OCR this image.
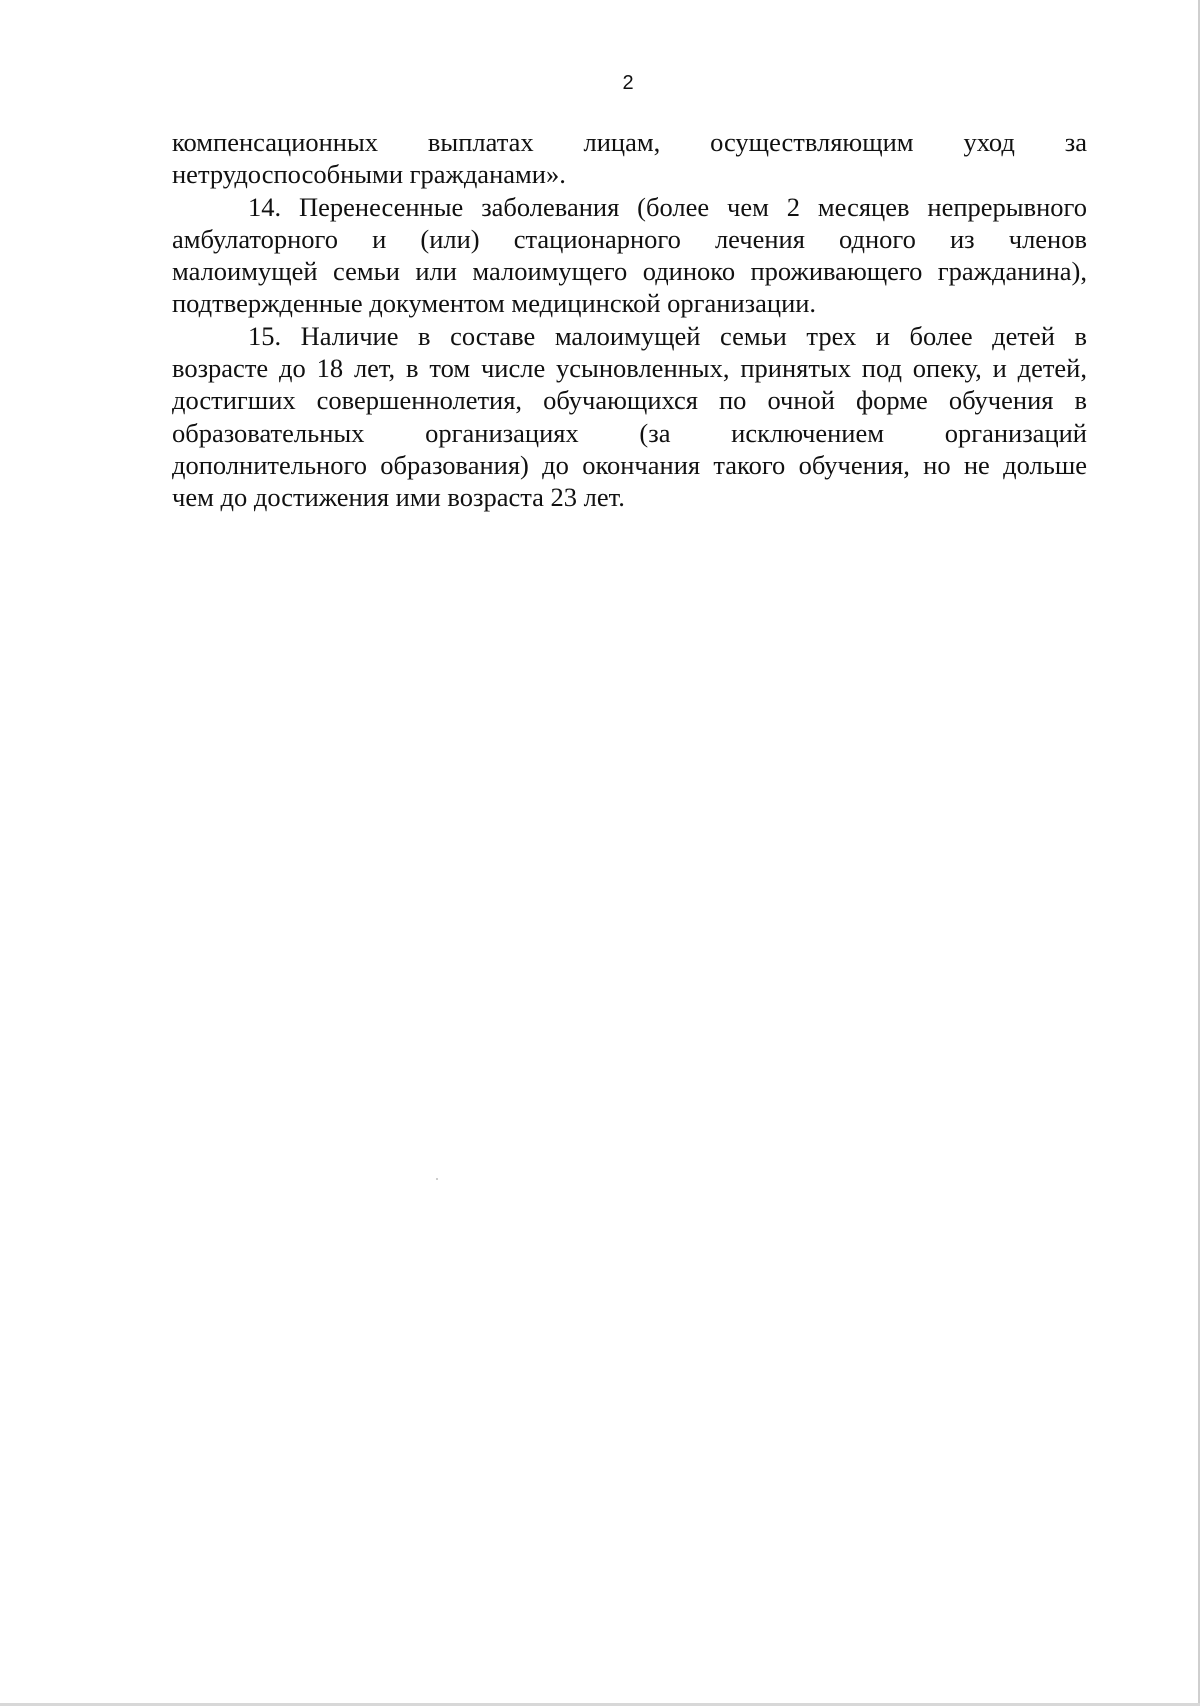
2
компенсационных выплатах лицам, осуществляющим уход за
нетрудоспособными гражданами».
14. Перенесенные заболевания (более чем 2 месяцев непрерывного
амбулаторного и (или) стационарного лечения одного из членов
малоимущей семьи или малоимущего одиноко проживающего гражданина),
подтвержденные документом медицинской организации.
15. Наличие в составе малоимущей семьи трех и более детей в
возрасте до 18 лет, в том числе усыновленных, принятых под опеку, и детей,
достигших совершеннолетия, обучающихся по очной форме обучения в
образовательных организациях (за исключением организаций
дополнительного образования) до окончания такого обучения, но не дольше
чем до достижения ими возраста 23 лет.
